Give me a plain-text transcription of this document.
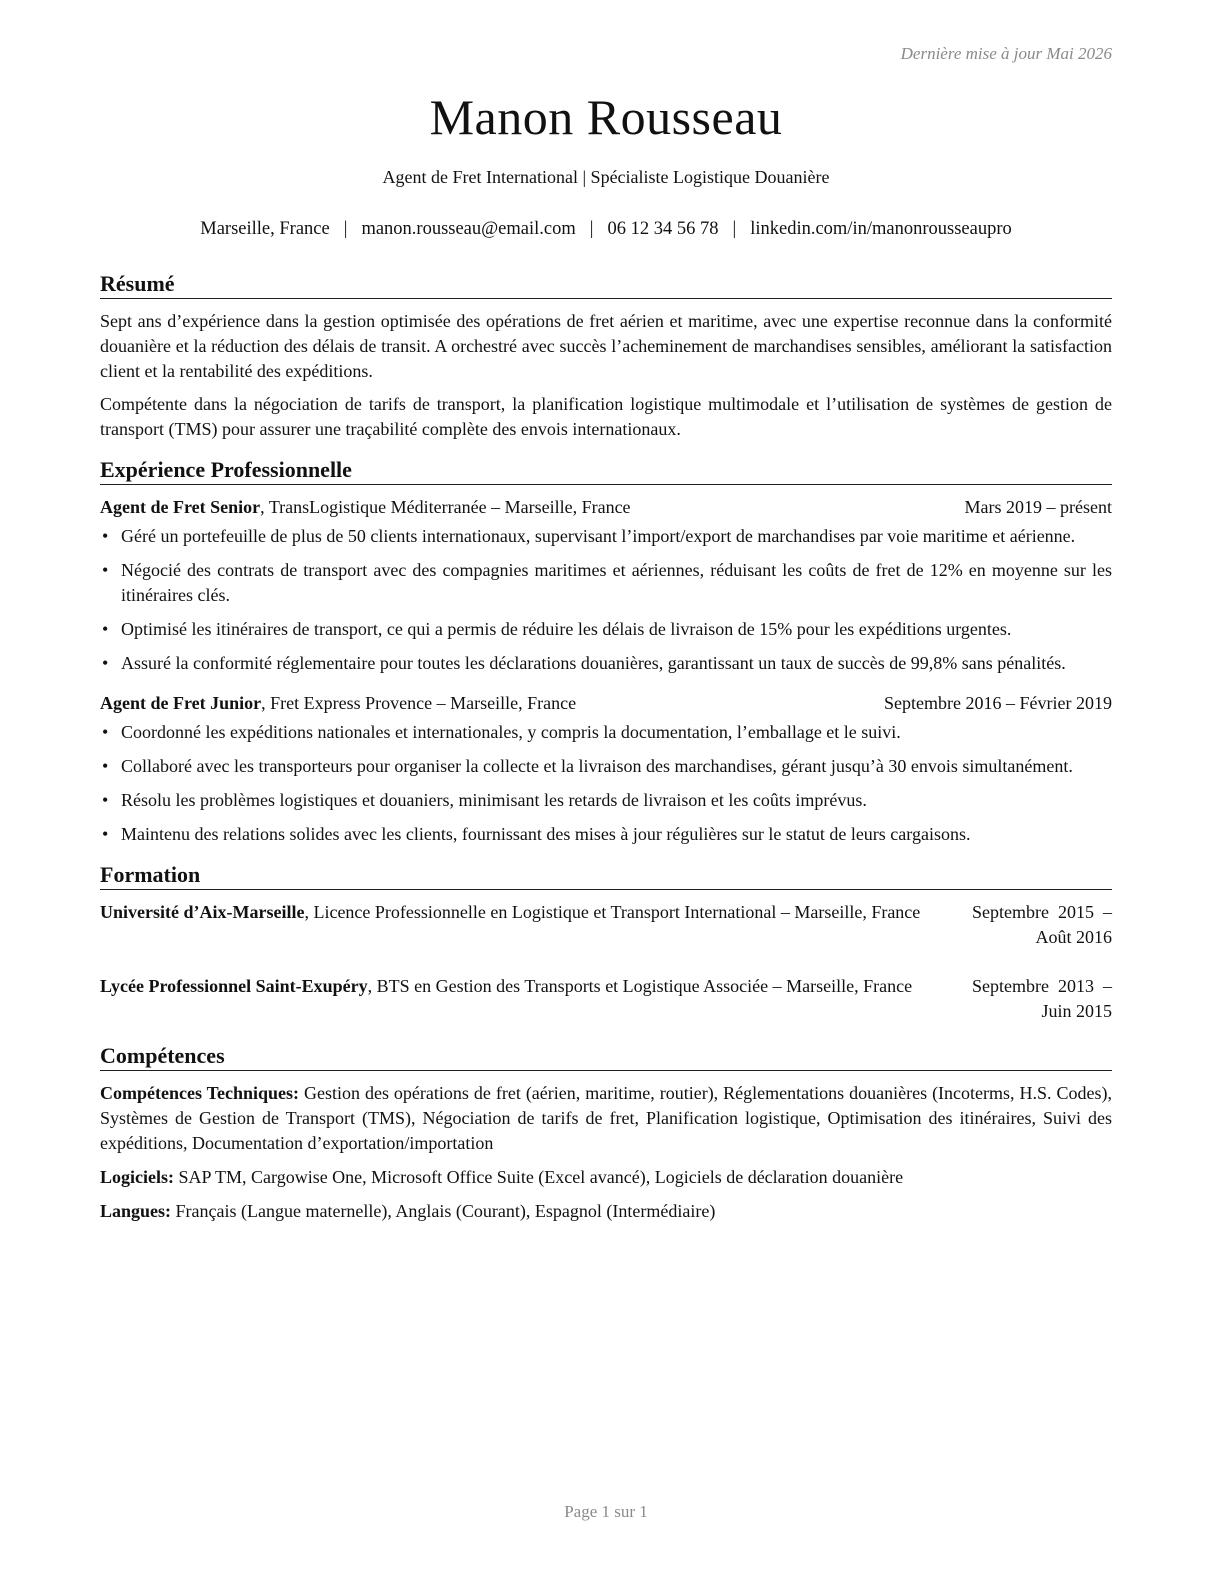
Dernière mise à jour Mai 2026
Manon Rousseau
Agent de Fret International | Spécialiste Logistique Douanière
Marseille, France | manon.rousseau@email.com | 06 12 34 56 78 | linkedin.com/in/manonrousseaupro
Résumé

Sept ans d’expérience dans la gestion optimisée des opérations de fret aérien et maritime, avec une expertise reconnue dans la conformité douanière et la réduction des délais de transit. A orchestré avec succès l’acheminement de marchandises sensibles, améliorant la satisfaction client et la rentabilité des expéditions.

Compétente dans la négociation de tarifs de transport, la planification logistique multimodale et l’utilisation de systèmes de gestion de transport (TMS) pour assurer une traçabilité complète des envois internationaux.

Expérience Professionnelle
Agent de Fret Senior, TransLogistique Méditerranée – Marseille, France	Mars 2019 – présent
• Géré un portefeuille de plus de 50 clients internationaux, supervisant l’import/export de marchandises par voie maritime et aérienne.
• Négocié des contrats de transport avec des compagnies maritimes et aériennes, réduisant les coûts de fret de 12% en moyenne sur les itinéraires clés.
• Optimisé les itinéraires de transport, ce qui a permis de réduire les délais de livraison de 15% pour les expéditions urgentes.
• Assuré la conformité réglementaire pour toutes les déclarations douanières, garantissant un taux de succès de 99,8% sans pénalités.
Agent de Fret Junior, Fret Express Provence – Marseille, France	Septembre 2016 – Février 2019
• Coordonné les expéditions nationales et internationales, y compris la documentation, l’emballage et le suivi.
• Collaboré avec les transporteurs pour organiser la collecte et la livraison des marchandises, gérant jusqu’à 30 envois simultanément.
• Résolu les problèmes logistiques et douaniers, minimisant les retards de livraison et les coûts imprévus.
• Maintenu des relations solides avec les clients, fournissant des mises à jour régulières sur le statut de leurs cargaisons.
Formation
Université d’Aix-Marseille, Licence Professionnelle en Logistique et Transport International – Marseille, France	Septembre 2015 – Août 2016
Lycée Professionnel Saint-Exupéry, BTS en Gestion des Transports et Logistique Associée – Marseille, France	Septembre 2013 – Juin 2015
Compétences

Compétences Techniques: Gestion des opérations de fret (aérien, maritime, routier), Réglementations douanières (Incoterms, H.S. Codes), Systèmes de Gestion de Transport (TMS), Négociation de tarifs de fret, Planification logistique, Optimisation des itinéraires, Suivi des expéditions, Documentation d’exportation/importation

Logiciels: SAP TM, Cargowise One, Microsoft Office Suite (Excel avancé), Logiciels de déclaration douanière

Langues: Français (Langue maternelle), Anglais (Courant), Espagnol (Intermédiaire)

Page 1 sur 1
